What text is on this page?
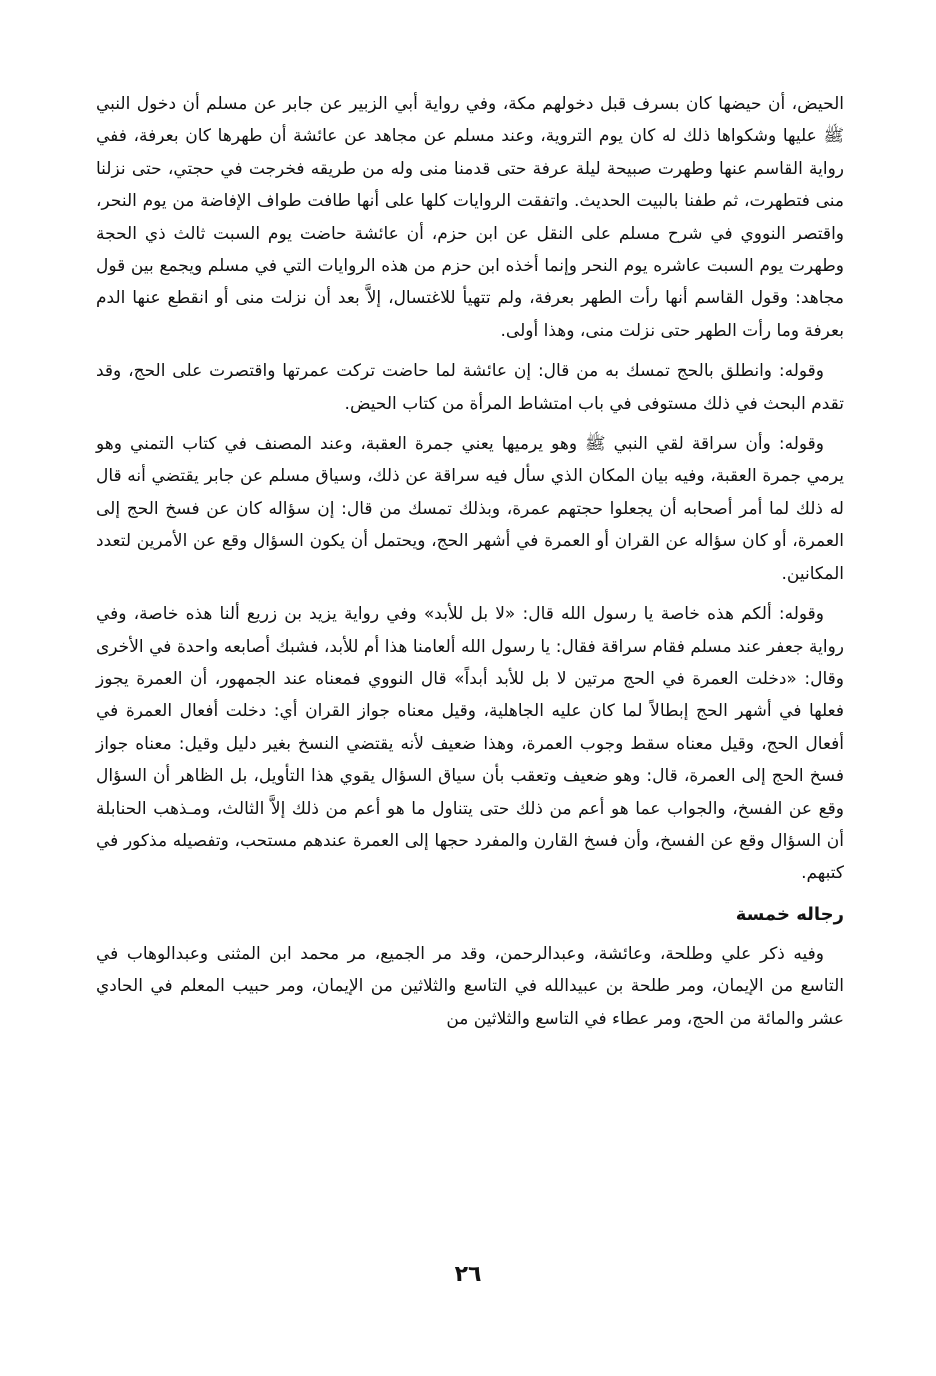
الحيض، أن حيضها كان بسرف قبل دخولهم مكة، وفي رواية أبي الزبير عن جابر عن مسلم أن دخول النبي ﷺ عليها وشكواها ذلك له كان يوم التروية، وعند مسلم عن مجاهد عن عائشة أن طهرها كان بعرفة، ففي رواية القاسم عنها وطهرت صبيحة ليلة عرفة حتى قدمنا منى وله من طريقه فخرجت في حجتي، حتى نزلنا منى فتطهرت، ثم طفنا بالبيت الحديث. واتفقت الروايات كلها على أنها طافت طواف الإفاضة من يوم النحر، واقتصر النووي في شرح مسلم على النقل عن ابن حزم، أن عائشة حاضت يوم السبت ثالث ذي الحجة وطهرت يوم السبت عاشره يوم النحر وإنما أخذه ابن حزم من هذه الروايات التي في مسلم ويجمع بين قول مجاهد: وقول القاسم أنها رأت الطهر بعرفة، ولم تتهيأ للاغتسال، إلاَّ بعد أن نزلت منى أو انقطع عنها الدم بعرفة وما رأت الطهر حتى نزلت منى، وهذا أولى.

وقوله: وانطلق بالحج تمسك به من قال: إن عائشة لما حاضت تركت عمرتها واقتصرت على الحج، وقد تقدم البحث في ذلك مستوفى في باب امتشاط المرأة من كتاب الحيض.

وقوله: وأن سراقة لقي النبي ﷺ وهو يرميها يعني جمرة العقبة، وعند المصنف في كتاب التمني وهو يرمي جمرة العقبة، وفيه بيان المكان الذي سأل فيه سراقة عن ذلك، وسياق مسلم عن جابر يقتضي أنه قال له ذلك لما أمر أصحابه أن يجعلوا حجتهم عمرة، وبذلك تمسك من قال: إن سؤاله كان عن فسخ الحج إلى العمرة، أو كان سؤاله عن القران أو العمرة في أشهر الحج، ويحتمل أن يكون السؤال وقع عن الأمرين لتعدد المكانين.

وقوله: ألكم هذه خاصة يا رسول الله قال: «لا بل للأبد» وفي رواية يزيد بن زريع ألنا هذه خاصة، وفي رواية جعفر عند مسلم فقام سراقة فقال: يا رسول الله ألعامنا هذا أم للأبد، فشبك أصابعه واحدة في الأخرى وقال: «دخلت العمرة في الحج مرتين لا بل للأبد أبداً» قال النووي فمعناه عند الجمهور، أن العمرة يجوز فعلها في أشهر الحج إبطالاً لما كان عليه الجاهلية، وقيل معناه جواز القران أي: دخلت أفعال العمرة في أفعال الحج، وقيل معناه سقط وجوب العمرة، وهذا ضعيف لأنه يقتضي النسخ بغير دليل وقيل: معناه جواز فسخ الحج إلى العمرة، قال: وهو ضعيف وتعقب بأن سياق السؤال يقوي هذا التأويل، بل الظاهر أن السؤال وقع عن الفسخ، والجواب عما هو أعم من ذلك حتى يتناول ما هو أعم من ذلك إلاَّ الثالث، ومـذهب الحنابلة أن السؤال وقع عن الفسخ، وأن فسخ القارن والمفرد حجها إلى العمرة عندهم مستحب، وتفصيله مذكور في كتبهم.

رجاله خمسة

وفيه ذكر علي وطلحة، وعائشة، وعبدالرحمن، وقد مر الجميع، مر محمد ابن المثنى وعبدالوهاب في التاسع من الإيمان، ومر طلحة بن عبيدالله في التاسع والثلاثين من الإيمان، ومر حبيب المعلم في الحادي عشر والمائة من الحج، ومر عطاء في التاسع والثلاثين من

٢٦
